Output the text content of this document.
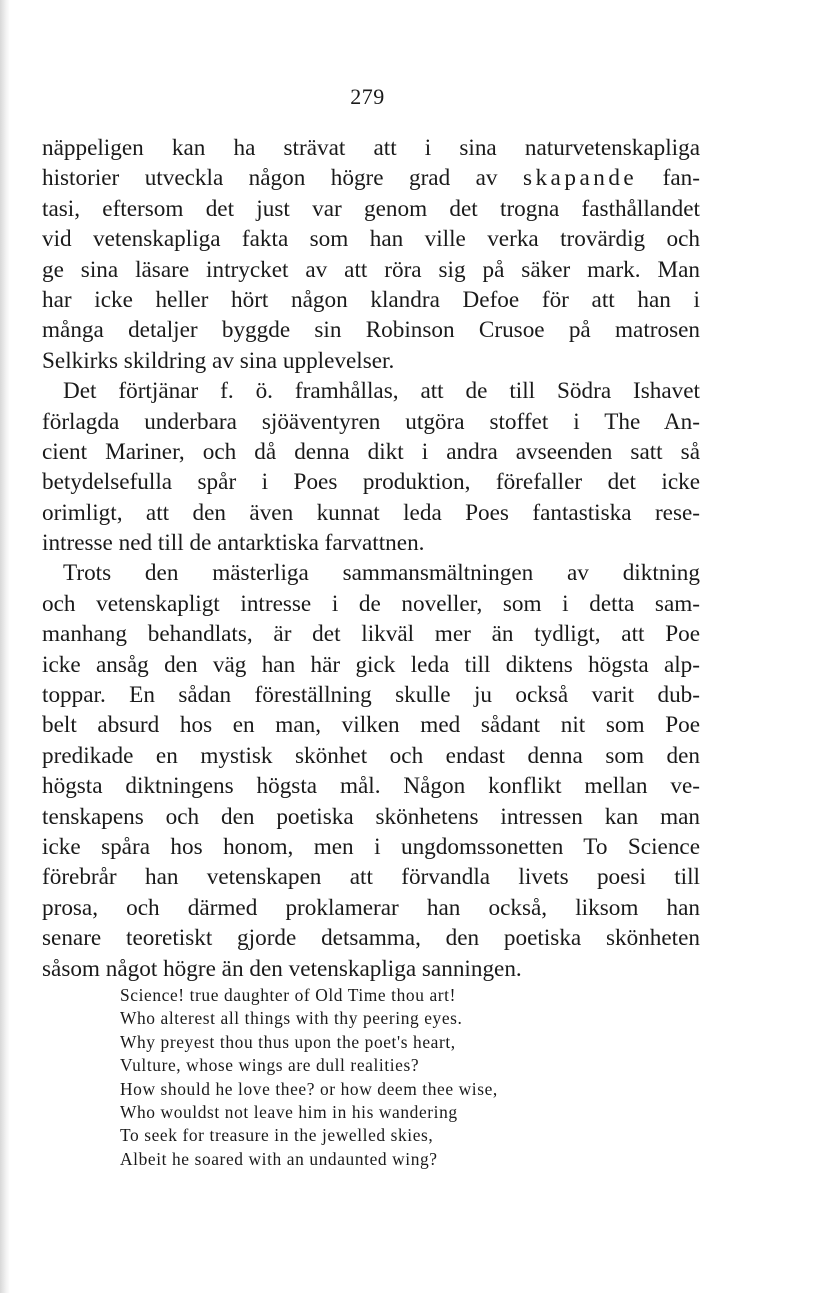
279

näppeligen kan ha strävat att i sina naturvetenskapliga
historier utveckla någon högre grad av skapande fan-
tasi, eftersom det just var genom det trogna fasthållandet
vid vetenskapliga fakta som han ville verka trovärdig och
ge sina läsare intrycket av att röra sig på säker mark. Man
har icke heller hört någon klandra Defoe för att han i
många detaljer byggde sin Robinson Crusoe på matrosen
Selkirks skildring av sina upplevelser.
Det förtjänar f. ö. framhållas, att de till Södra Ishavet
förlagda underbara sjöäventyren utgöra stoffet i The An-
cient Mariner, och då denna dikt i andra avseenden satt så
betydelsefulla spår i Poes produktion, förefaller det icke
orimligt, att den även kunnat leda Poes fantastiska rese-
intresse ned till de antarktiska farvattnen.
Trots den mästerliga sammansmältningen av diktning
och vetenskapligt intresse i de noveller, som i detta sam-
manhang behandlats, är det likväl mer än tydligt, att Poe
icke ansåg den väg han här gick leda till diktens högsta alp-
toppar. En sådan föreställning skulle ju också varit dub-
belt absurd hos en man, vilken med sådant nit som Poe
predikade en mystisk skönhet och endast denna som den
högsta diktningens högsta mål. Någon konflikt mellan ve-
tenskapens och den poetiska skönhetens intressen kan man
icke spåra hos honom, men i ungdomssonetten To Science
förebrår han vetenskapen att förvandla livets poesi till
prosa, och därmed proklamerar han också, liksom han
senare teoretiskt gjorde detsamma, den poetiska skönheten
såsom något högre än den vetenskapliga sanningen.
Science! true daughter of Old Time thou art!
Who alterest all things with thy peering eyes.
Why preyest thou thus upon the poet's heart,
Vulture, whose wings are dull realities?
How should he love thee? or how deem thee wise,
Who wouldst not leave him in his wandering
To seek for treasure in the jewelled skies,
Albeit he soared with an undaunted wing?
